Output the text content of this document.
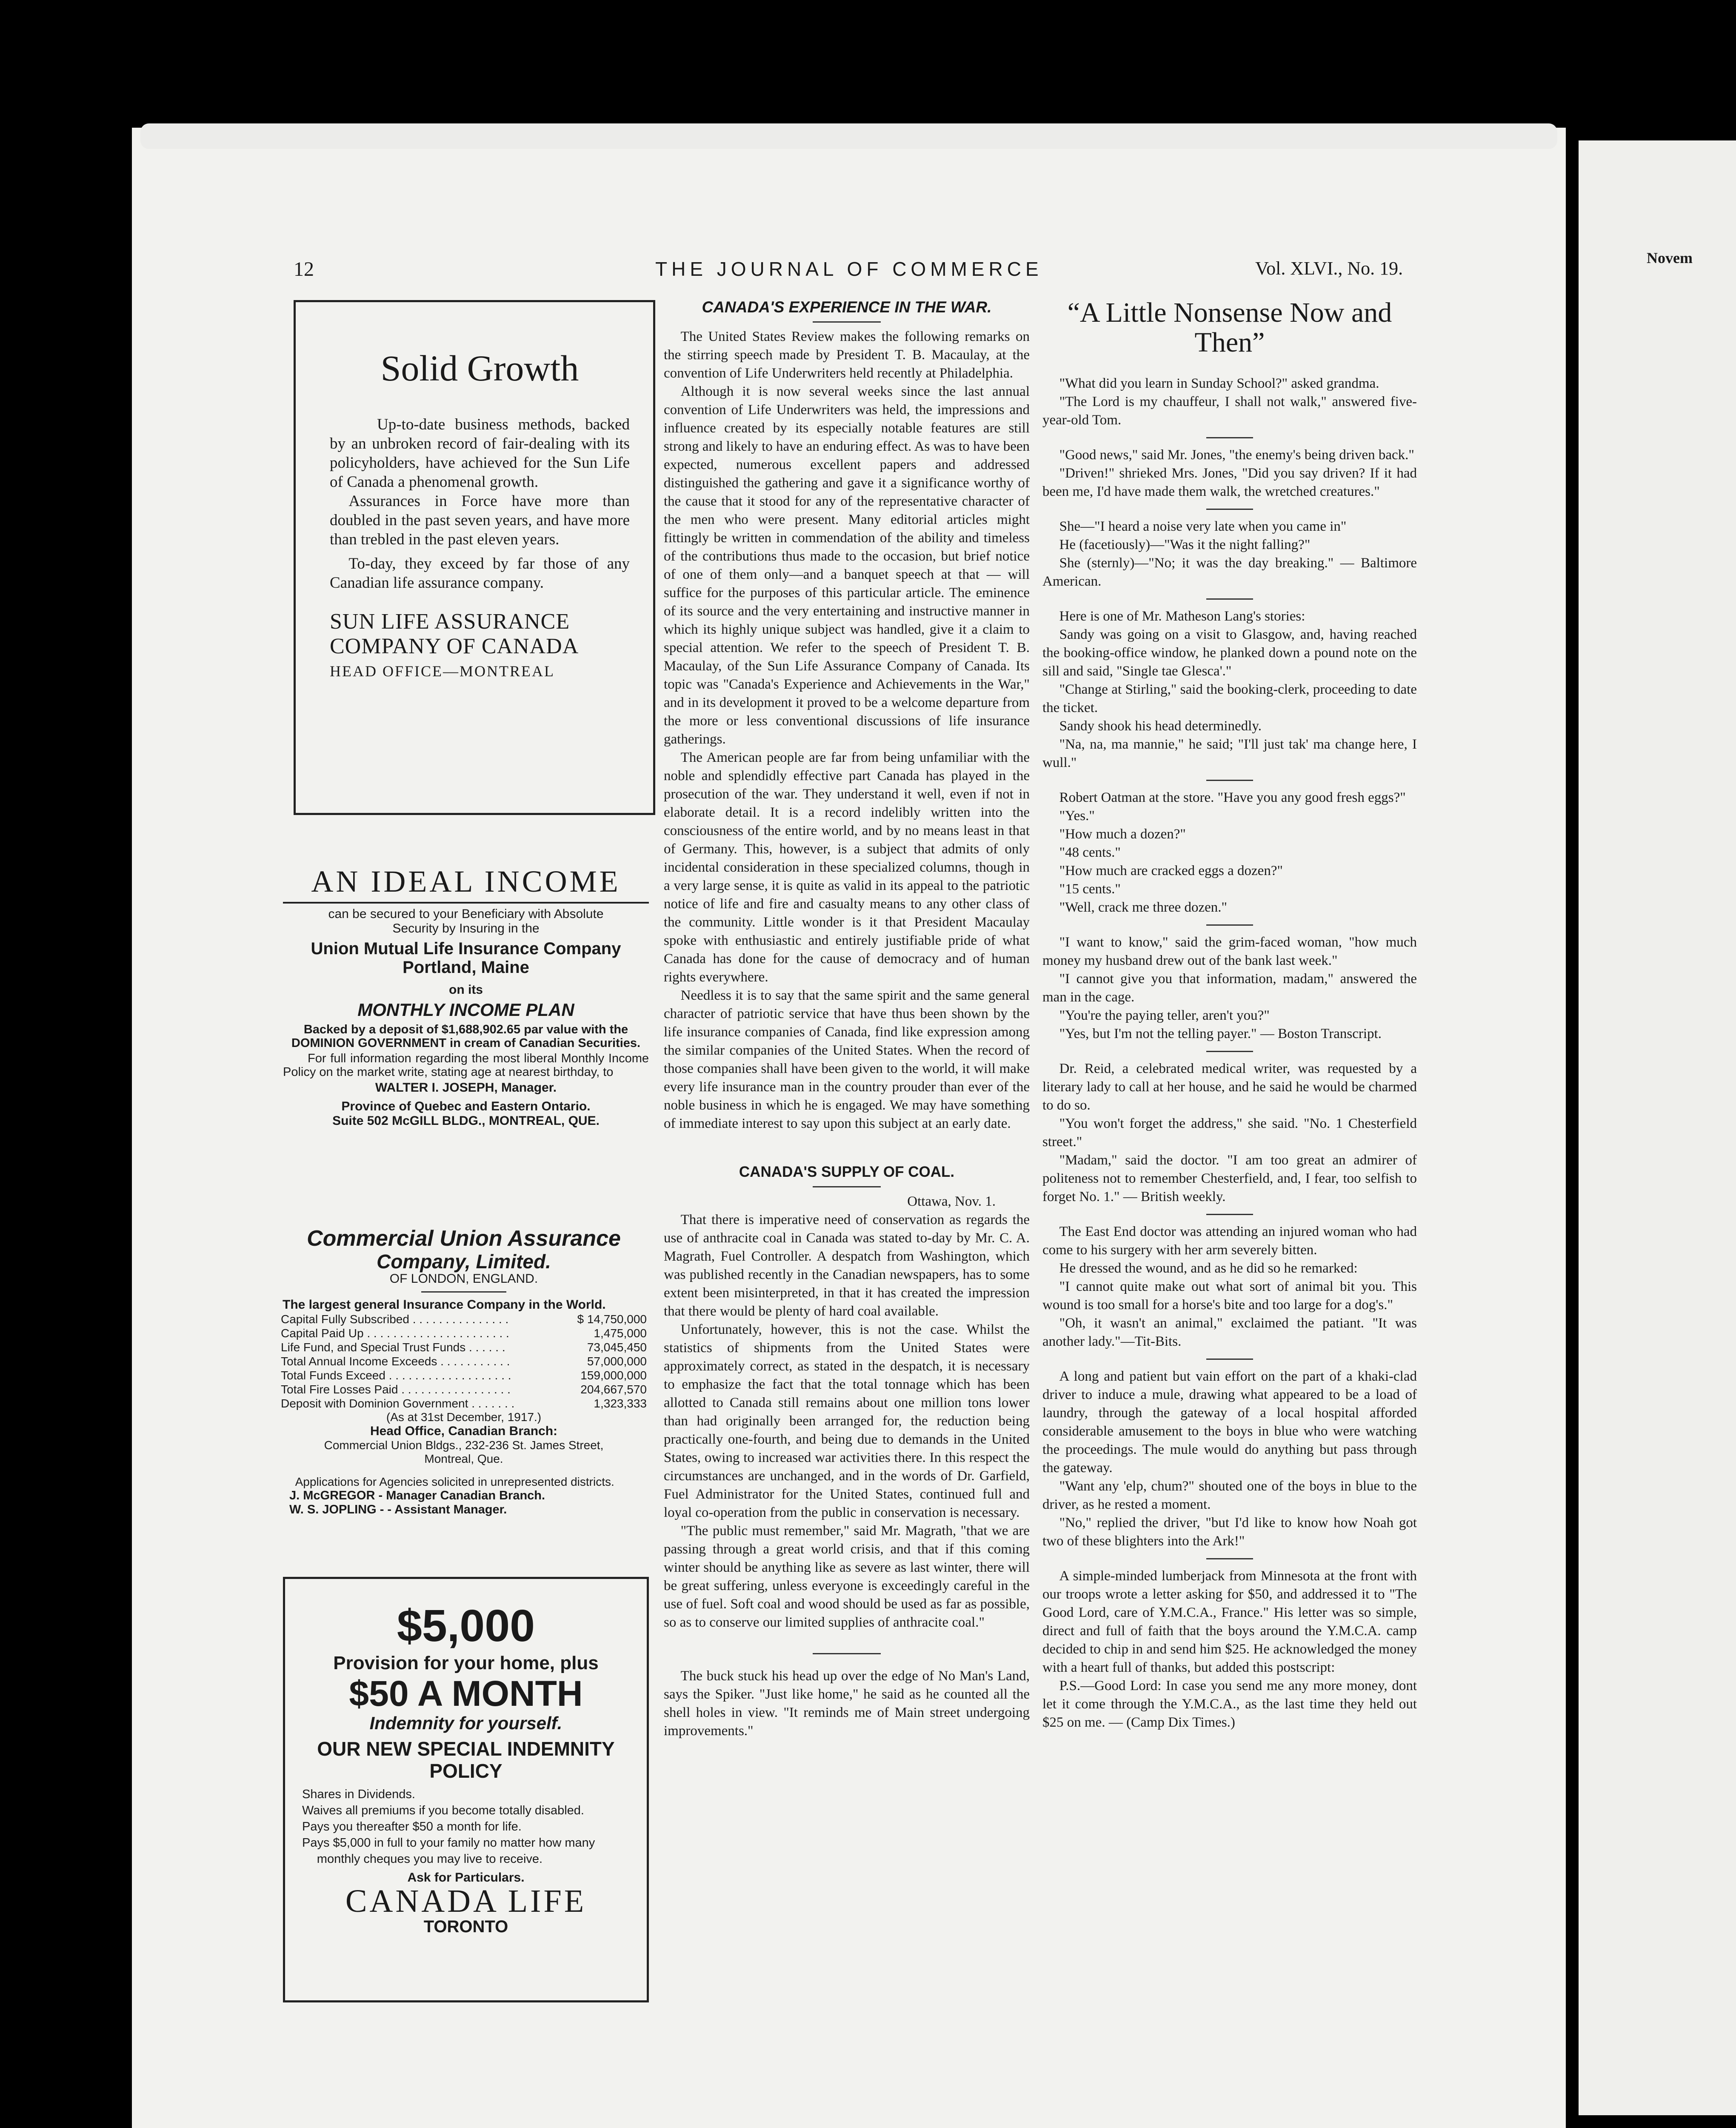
Novem
12	THE JOURNAL OF COMMERCE	Vol. XLVI., No. 19.
Solid Growth

Up-to-date business methods, backed by an unbroken record of fair-dealing with its policyholders, have achieved for the Sun Life of Canada a phenomenal growth.

Assurances in Force have more than doubled in the past seven years, and have more than trebled in the past eleven years.

To-day, they exceed by far those of any Canadian life assurance company.

SUN LIFE ASSURANCE
COMPANY OF CANADA
HEAD OFFICE—MONTREAL
AN IDEAL INCOME
can be secured to your Beneficiary with Absolute Security by Insuring in the
Union Mutual Life Insurance Company
Portland, Maine
on its
MONTHLY INCOME PLAN
Backed by a deposit of $1,688,902.65 par value with the DOMINION GOVERNMENT in cream of Canadian Securities.
For full information regarding the most liberal Monthly Income Policy on the market write, stating age at nearest birthday, to
WALTER I. JOSEPH, Manager.
Province of Quebec and Eastern Ontario.
Suite 502 McGILL BLDG., MONTREAL, QUE.
Commercial Union Assurance
Company, Limited.
OF LONDON, ENGLAND.
The largest general Insurance Company in the World.
Capital Fully Subscribed . . . . . . . . . . . . . . .	$ 14,750,000
Capital Paid Up . . . . . . . . . . . . . . . . . . . . . .	1,475,000
Life Fund, and Special Trust Funds . . . . . .	73,045,450
Total Annual Income Exceeds . . . . . . . . . . .	57,000,000
Total Funds Exceed . . . . . . . . . . . . . . . . . . .	159,000,000
Total Fire Losses Paid . . . . . . . . . . . . . . . . .	204,667,570
Deposit with Dominion Government . . . . . . .	1,323,333
(As at 31st December, 1917.)
Head Office, Canadian Branch:
Commercial Union Bldgs., 232-236 St. James Street, Montreal, Que.
Applications for Agencies solicited in unrepresented districts.
J. McGREGOR - Manager Canadian Branch.
W. S. JOPLING - - Assistant Manager.
$5,000
Provision for your home, plus
$50 A MONTH
Indemnity for yourself.
OUR NEW SPECIAL INDEMNITY POLICY
Shares in Dividends.
Waives all premiums if you become totally disabled.
Pays you thereafter $50 a month for life.
Pays $5,000 in full to your family no matter how many monthly cheques you may live to receive.
Ask for Particulars.
CANADA LIFE
TORONTO
CANADA'S EXPERIENCE IN THE WAR.

The United States Review makes the following remarks on the stirring speech made by President T. B. Macaulay, at the convention of Life Underwriters held recently at Philadelphia.

Although it is now several weeks since the last annual convention of Life Underwriters was held, the impressions and influence created by its especially notable features are still strong and likely to have an enduring effect. As was to have been expected, numerous excellent papers and addressed distinguished the gathering and gave it a significance worthy of the cause that it stood for any of the representative character of the men who were present. Many editorial articles might fittingly be written in commendation of the ability and timeless of the contributions thus made to the occasion, but brief notice of one of them only—and a banquet speech at that — will suffice for the purposes of this particular article. The eminence of its source and the very entertaining and instructive manner in which its highly unique subject was handled, give it a claim to special attention. We refer to the speech of President T. B. Macaulay, of the Sun Life Assurance Company of Canada. Its topic was "Canada's Experience and Achievements in the War," and in its development it proved to be a welcome departure from the more or less conventional discussions of life insurance gatherings.

The American people are far from being unfamiliar with the noble and splendidly effective part Canada has played in the prosecution of the war. They understand it well, even if not in elaborate detail. It is a record indelibly written into the consciousness of the entire world, and by no means least in that of Germany. This, however, is a subject that admits of only incidental consideration in these specialized columns, though in a very large sense, it is quite as valid in its appeal to the patriotic notice of life and fire and casualty means to any other class of the community. Little wonder is it that President Macaulay spoke with enthusiastic and entirely justifiable pride of what Canada has done for the cause of democracy and of human rights everywhere.

Needless it is to say that the same spirit and the same general character of patriotic service that have thus been shown by the life insurance companies of Canada, find like expression among the similar companies of the United States. When the record of those companies shall have been given to the world, it will make every life insurance man in the country prouder than ever of the noble business in which he is engaged. We may have something of immediate interest to say upon this subject at an early date.

CANADA'S SUPPLY OF COAL.
Ottawa, Nov. 1.

That there is imperative need of conservation as regards the use of anthracite coal in Canada was stated to-day by Mr. C. A. Magrath, Fuel Controller. A despatch from Washington, which was published recently in the Canadian newspapers, has to some extent been misinterpreted, in that it has created the impression that there would be plenty of hard coal available.

Unfortunately, however, this is not the case. Whilst the statistics of shipments from the United States were approximately correct, as stated in the despatch, it is necessary to emphasize the fact that the total tonnage which has been allotted to Canada still remains about one million tons lower than had originally been arranged for, the reduction being practically one-fourth, and being due to demands in the United States, owing to increased war activities there. In this respect the circumstances are unchanged, and in the words of Dr. Garfield, Fuel Administrator for the United States, continued full and loyal co-operation from the public in conservation is necessary.

"The public must remember," said Mr. Magrath, "that we are passing through a great world crisis, and that if this coming winter should be anything like as severe as last winter, there will be great suffering, unless everyone is exceedingly careful in the use of fuel. Soft coal and wood should be used as far as possible, so as to conserve our limited supplies of anthracite coal."

The buck stuck his head up over the edge of No Man's Land, says the Spiker. "Just like home," he said as he counted all the shell holes in view. "It reminds me of Main street undergoing improvements."

“A Little Nonsense Now and Then”

"What did you learn in Sunday School?" asked grandma.

"The Lord is my chauffeur, I shall not walk," answered five-year-old Tom.

"Good news," said Mr. Jones, "the enemy's being driven back."

"Driven!" shrieked Mrs. Jones, "Did you say driven? If it had been me, I'd have made them walk, the wretched creatures."

She—"I heard a noise very late when you came in"

He (facetiously)—"Was it the night falling?"

She (sternly)—"No; it was the day breaking." — Baltimore American.

Here is one of Mr. Matheson Lang's stories:

Sandy was going on a visit to Glasgow, and, having reached the booking-office window, he planked down a pound note on the sill and said, "Single tae Glesca'."

"Change at Stirling," said the booking-clerk, proceeding to date the ticket.

Sandy shook his head determinedly.

"Na, na, ma mannie," he said; "I'll just tak' ma change here, I wull."

Robert Oatman at the store. "Have you any good fresh eggs?"

"Yes."

"How much a dozen?"

"48 cents."

"How much are cracked eggs a dozen?"

"15 cents."

"Well, crack me three dozen."

"I want to know," said the grim-faced woman, "how much money my husband drew out of the bank last week."

"I cannot give you that information, madam," answered the man in the cage.

"You're the paying teller, aren't you?"

"Yes, but I'm not the telling payer." — Boston Transcript.

Dr. Reid, a celebrated medical writer, was requested by a literary lady to call at her house, and he said he would be charmed to do so.

"You won't forget the address," she said. "No. 1 Chesterfield street."

"Madam," said the doctor. "I am too great an admirer of politeness not to remember Chesterfield, and, I fear, too selfish to forget No. 1." — British weekly.

The East End doctor was attending an injured woman who had come to his surgery with her arm severely bitten.

He dressed the wound, and as he did so he remarked:

"I cannot quite make out what sort of animal bit you. This wound is too small for a horse's bite and too large for a dog's."

"Oh, it wasn't an animal," exclaimed the patiant. "It was another lady."—Tit-Bits.

A long and patient but vain effort on the part of a khaki-clad driver to induce a mule, drawing what appeared to be a load of laundry, through the gateway of a local hospital afforded considerable amusement to the boys in blue who were watching the proceedings. The mule would do anything but pass through the gateway.

"Want any 'elp, chum?" shouted one of the boys in blue to the driver, as he rested a moment.

"No," replied the driver, "but I'd like to know how Noah got two of these blighters into the Ark!"

A simple-minded lumberjack from Minnesota at the front with our troops wrote a letter asking for $50, and addressed it to "The Good Lord, care of Y.M.C.A., France." His letter was so simple, direct and full of faith that the boys around the Y.M.C.A. camp decided to chip in and send him $25. He acknowledged the money with a heart full of thanks, but added this postscript:

P.S.—Good Lord: In case you send me any more money, dont let it come through the Y.M.C.A., as the last time they held out $25 on me. — (Camp Dix Times.)
